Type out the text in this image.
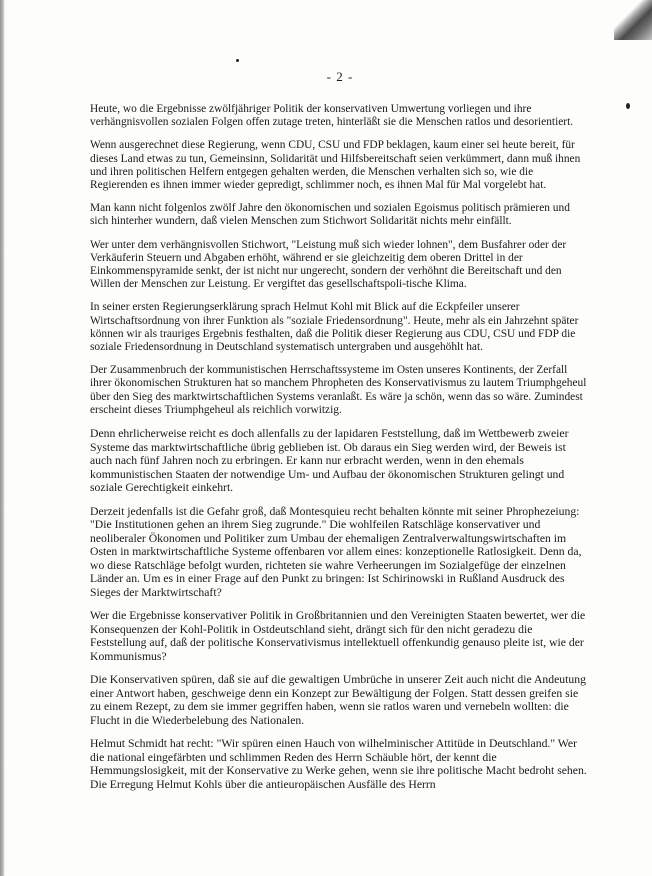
- 2 -

Heute, wo die Ergebnisse zwölfjähriger Politik der konservativen Umwertung vorliegen und ihre verhängnisvollen sozialen Folgen offen zutage treten, hinterläßt sie die Menschen ratlos und desorientiert.

Wenn ausgerechnet diese Regierung, wenn CDU, CSU und FDP beklagen, kaum einer sei heute bereit, für dieses Land etwas zu tun, Gemeinsinn, Solidarität und Hilfsbereitschaft seien verkümmert, dann muß ihnen und ihren politischen Helfern entgegen gehalten werden, die Menschen verhalten sich so, wie die Regierenden es ihnen immer wieder gepredigt, schlimmer noch, es ihnen Mal für Mal vorgelebt hat.

Man kann nicht folgenlos zwölf Jahre den ökonomischen und sozialen Egoismus politisch prämieren und sich hinterher wundern, daß vielen Menschen zum Stichwort Solidarität nichts mehr einfällt.

Wer unter dem verhängnisvollen Stichwort, "Leistung muß sich wieder lohnen", dem Busfahrer oder der Verkäuferin Steuern und Abgaben erhöht, während er sie gleichzeitig dem oberen Drittel in der Einkommenspyramide senkt, der ist nicht nur ungerecht, sondern der verhöhnt die Bereitschaft und den Willen der Menschen zur Leistung. Er vergiftet das gesellschaftspoli-tische Klima.

In seiner ersten Regierungserklärung sprach Helmut Kohl mit Blick auf die Eckpfeiler unserer Wirtschaftsordnung von ihrer Funktion als "soziale Friedensordnung". Heute, mehr als ein Jahrzehnt später können wir als trauriges Ergebnis festhalten, daß die Politik dieser Regierung aus CDU, CSU und FDP die soziale Friedensordnung in Deutschland systematisch untergraben und ausgehöhlt hat.

Der Zusammenbruch der kommunistischen Herrschaftssysteme im Osten unseres Kontinents, der Zerfall ihrer ökonomischen Strukturen hat so manchem Phropheten des Konservativismus zu lautem Triumphgeheul über den Sieg des marktwirtschaftlichen Systems veranlaßt. Es wäre ja schön, wenn das so wäre. Zumindest erscheint dieses Triumphgeheul als reichlich vorwitzig.

Denn ehrlicherweise reicht es doch allenfalls zu der lapidaren Feststellung, daß im Wettbewerb zweier Systeme das marktwirtschaftliche übrig geblieben ist. Ob daraus ein Sieg werden wird, der Beweis ist auch nach fünf Jahren noch zu erbringen. Er kann nur erbracht werden, wenn in den ehemals kommunistischen Staaten der notwendige Um- und Aufbau der ökonomischen Strukturen gelingt und soziale Gerechtigkeit einkehrt.

Derzeit jedenfalls ist die Gefahr groß, daß Montesquieu recht behalten könnte mit seiner Phrophezeiung: "Die Institutionen gehen an ihrem Sieg zugrunde." Die wohlfeilen Ratschläge konservativer und neoliberaler Ökonomen und Politiker zum Umbau der ehemaligen Zentralverwaltungswirtschaften im Osten in marktwirtschaftliche Systeme offenbaren vor allem eines: konzeptionelle Ratlosigkeit. Denn da, wo diese Ratschläge befolgt wurden, richteten sie wahre Verheerungen im Sozialgefüge der einzelnen Länder an. Um es in einer Frage auf den Punkt zu bringen: Ist Schirinowski in Rußland Ausdruck des Sieges der Marktwirtschaft?

Wer die Ergebnisse konservativer Politik in Großbritannien und den Vereinigten Staaten bewertet, wer die Konsequenzen der Kohl-Politik in Ostdeutschland sieht, drängt sich für den nicht geradezu die Feststellung auf, daß der politische Konservativismus intellektuell offenkundig genauso pleite ist, wie der Kommunismus?

Die Konservativen spüren, daß sie auf die gewaltigen Umbrüche in unserer Zeit auch nicht die Andeutung einer Antwort haben, geschweige denn ein Konzept zur Bewältigung der Folgen. Statt dessen greifen sie zu einem Rezept, zu dem sie immer gegriffen haben, wenn sie ratlos waren und vernebeln wollten: die Flucht in die Wiederbelebung des Nationalen.

Helmut Schmidt hat recht: "Wir spüren einen Hauch von wilhelminischer Attitüde in Deutschland." Wer die national eingefärbten und schlimmen Reden des Herrn Schäuble hört, der kennt die Hemmungslosigkeit, mit der Konservative zu Werke gehen, wenn sie ihre politische Macht bedroht sehen. Die Erregung Helmut Kohls über die antieuropäischen Ausfälle des Herrn
